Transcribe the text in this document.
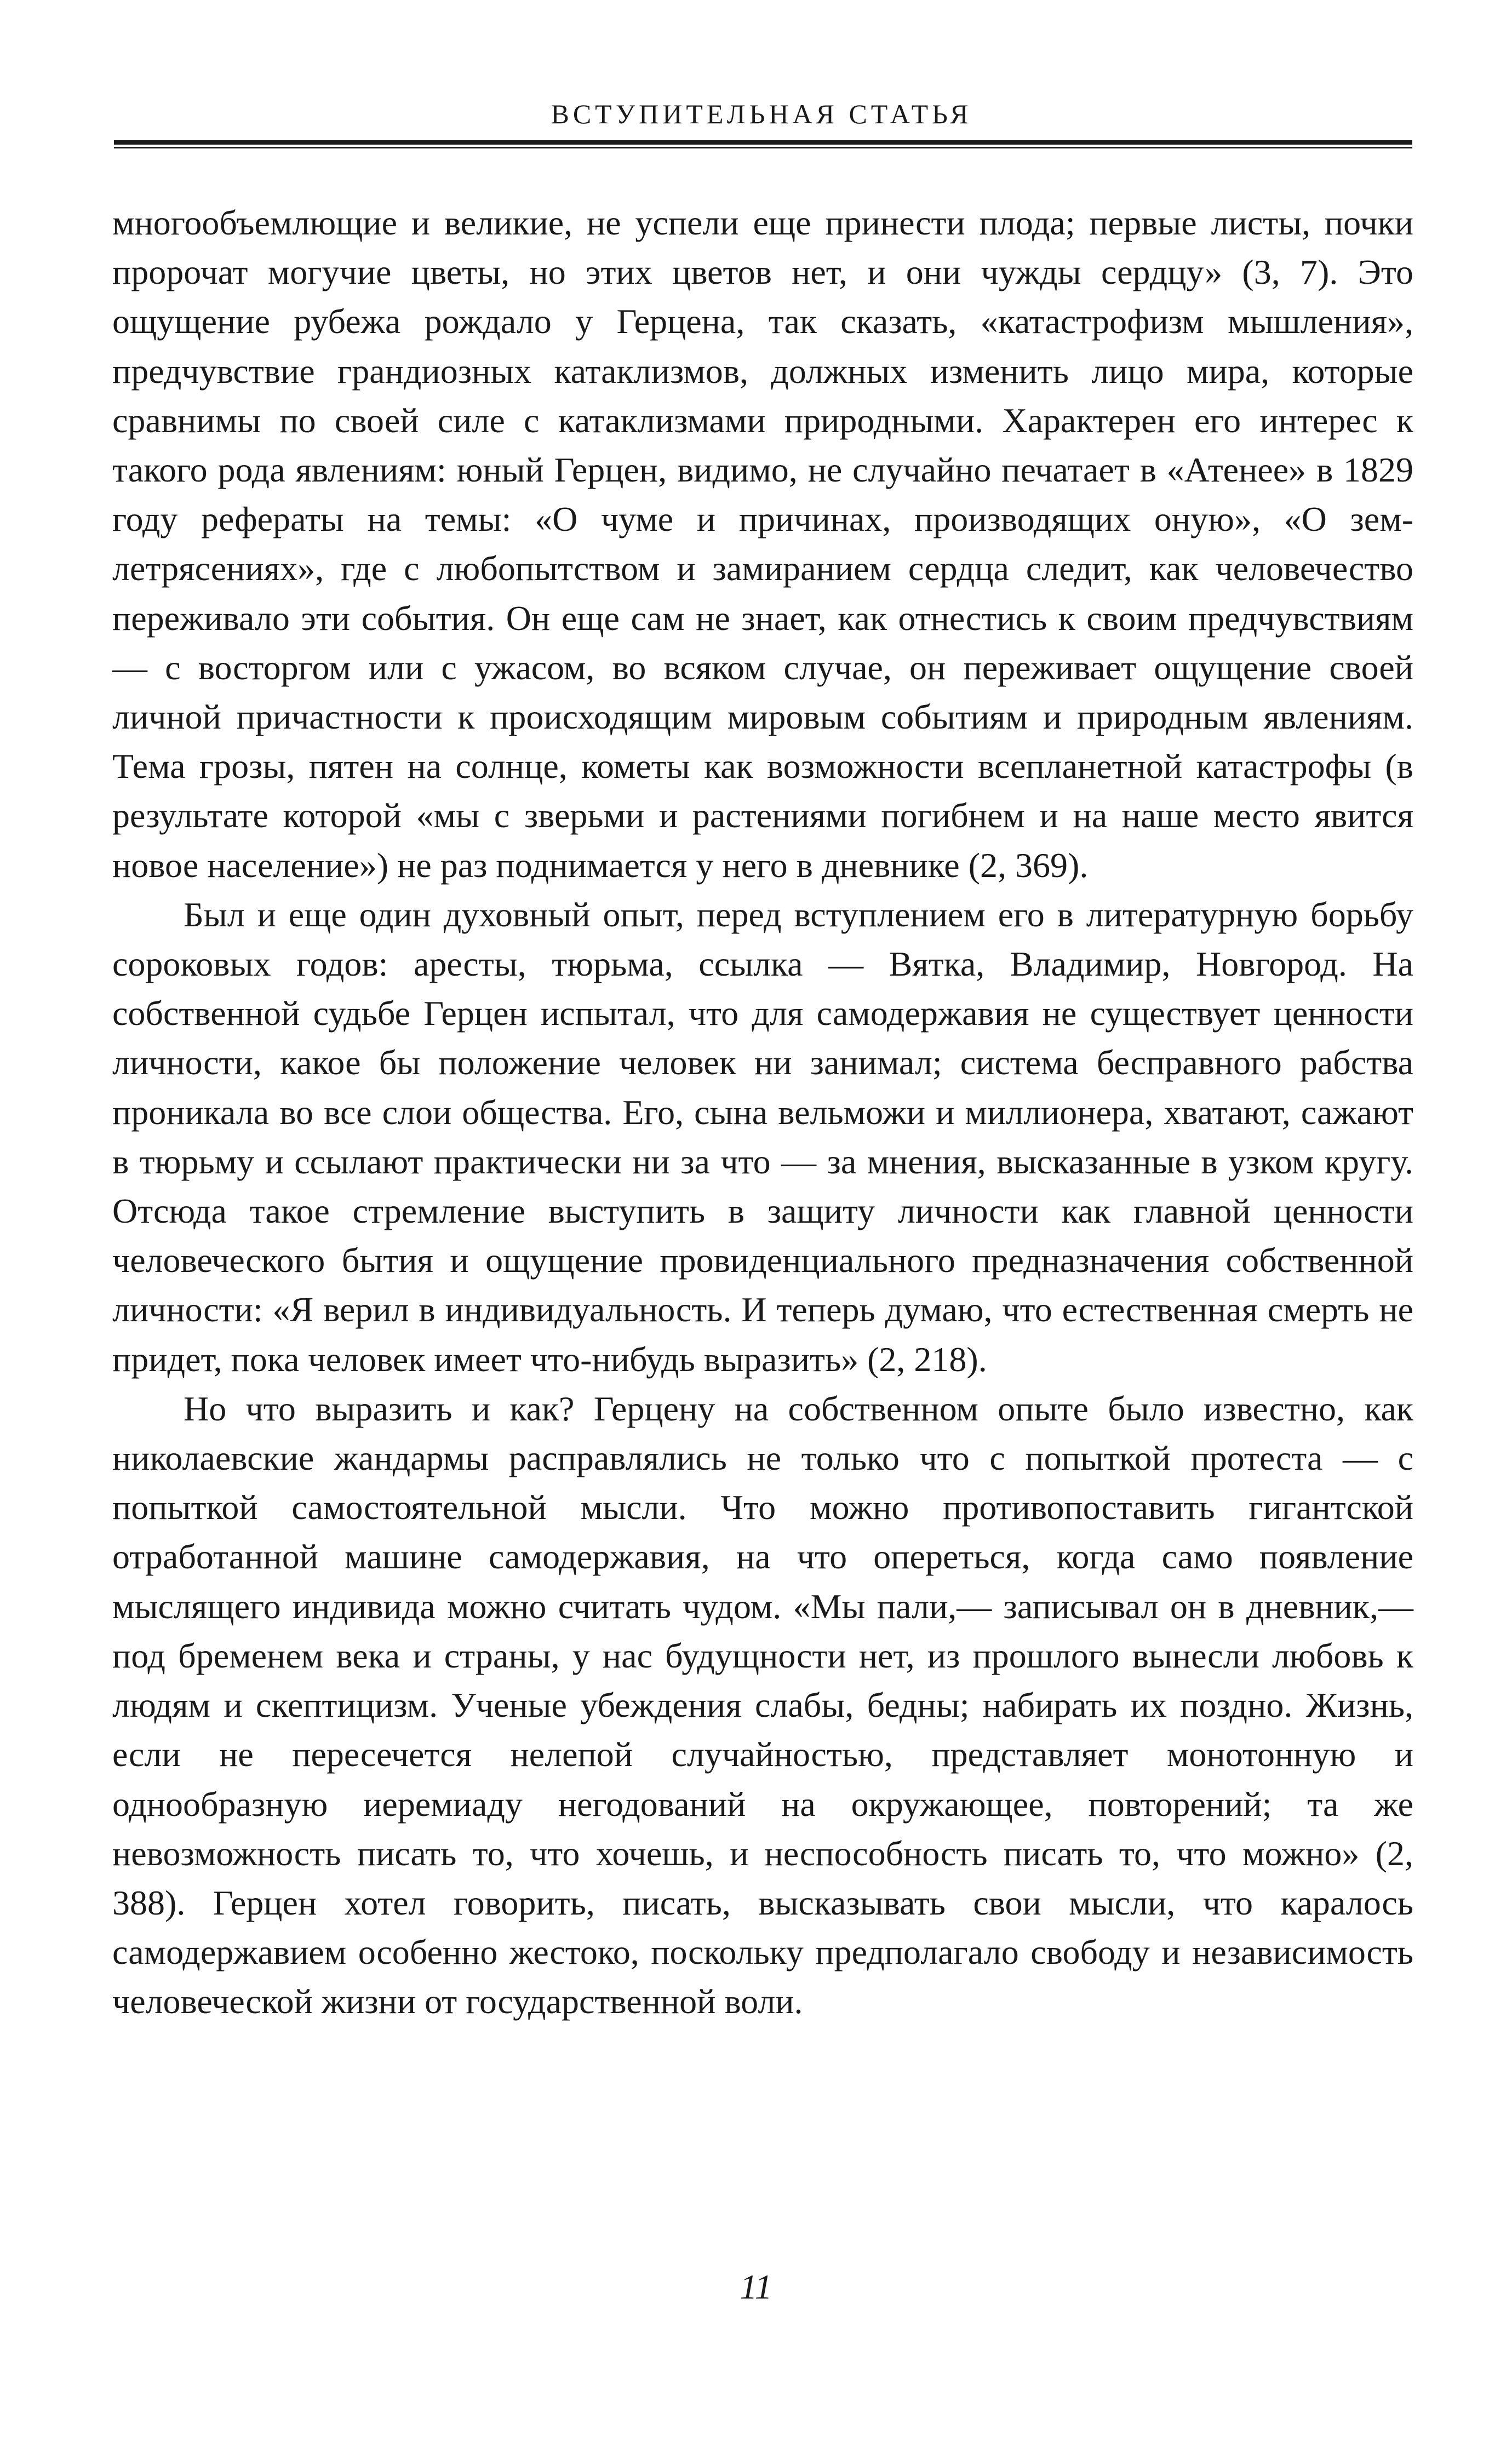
ВСТУПИТЕЛЬНАЯ СТАТЬЯ

многообъемлющие и великие, не успели еще принести плода; первые листы, почки пророчат могучие цветы, но этих цветов нет, и они чужды сердцу» (3, 7). Это ощущение рубежа рождало у Герцена, так сказать, «катастрофизм мышления», предчувствие грандиозных катаклизмов, должных изменить лицо мира, которые сравнимы по своей силе с катаклизмами природными. Характерен его интерес к такого рода явлениям: юный Герцен, видимо, не случайно печатает в «Атенее» в 1829 году рефераты на темы: «О чуме и причинах, производящих оную», «О землетрясениях», где с любопытством и замиранием сердца следит, как человечество переживало эти события. Он еще сам не знает, как отнестись к своим предчувствиям — с восторгом или с ужасом, во всяком случае, он переживает ощущение своей личной причастности к происходящим мировым событиям и природным явлениям. Тема грозы, пятен на солнце, кометы как возможности всепланетной катастрофы (в результате которой «мы с зверьми и растениями погибнем и на наше место явится новое население») не раз поднимается у него в дневнике (2, 369).

Был и еще один духовный опыт, перед вступлением его в литературную борьбу сороковых годов: аресты, тюрьма, ссылка — Вятка, Владимир, Новгород. На собственной судьбе Герцен испытал, что для самодержавия не существует ценности личности, какое бы положение человек ни занимал; система бесправного рабства проникала во все слои общества. Его, сына вельможи и миллионера, хватают, сажают в тюрьму и ссылают практически ни за что — за мнения, высказанные в узком кругу. Отсюда такое стремление выступить в защиту личности как главной ценности человеческого бытия и ощущение провиденциального предназначения собственной личности: «Я верил в индивидуальность. И теперь думаю, что естественная смерть не придет, пока человек имеет что-нибудь выразить» (2, 218).

Но что выразить и как? Герцену на собственном опыте было известно, как николаевские жандармы расправлялись не только что с попыткой протеста — с попыткой самостоятельной мысли. Что можно противопоставить гигантской отработанной машине самодержавия, на что опереться, когда само появление мыслящего индивида можно считать чудом. «Мы пали,— записывал он в дневник,— под бременем века и страны, у нас будущности нет, из прошлого вынесли любовь к людям и скептицизм. Ученые убеждения слабы, бедны; набирать их поздно. Жизнь, если не пересечется нелепой случайностью, представляет монотонную и однообразную иеремиаду негодований на окружающее, повторений; та же невозможность писать то, что хочешь, и неспособность писать то, что можно» (2, 388). Герцен хотел говорить, писать, высказывать свои мысли, что каралось самодержавием особенно жестоко, поскольку предполагало свободу и независимость человеческой жизни от государственной воли.

11
